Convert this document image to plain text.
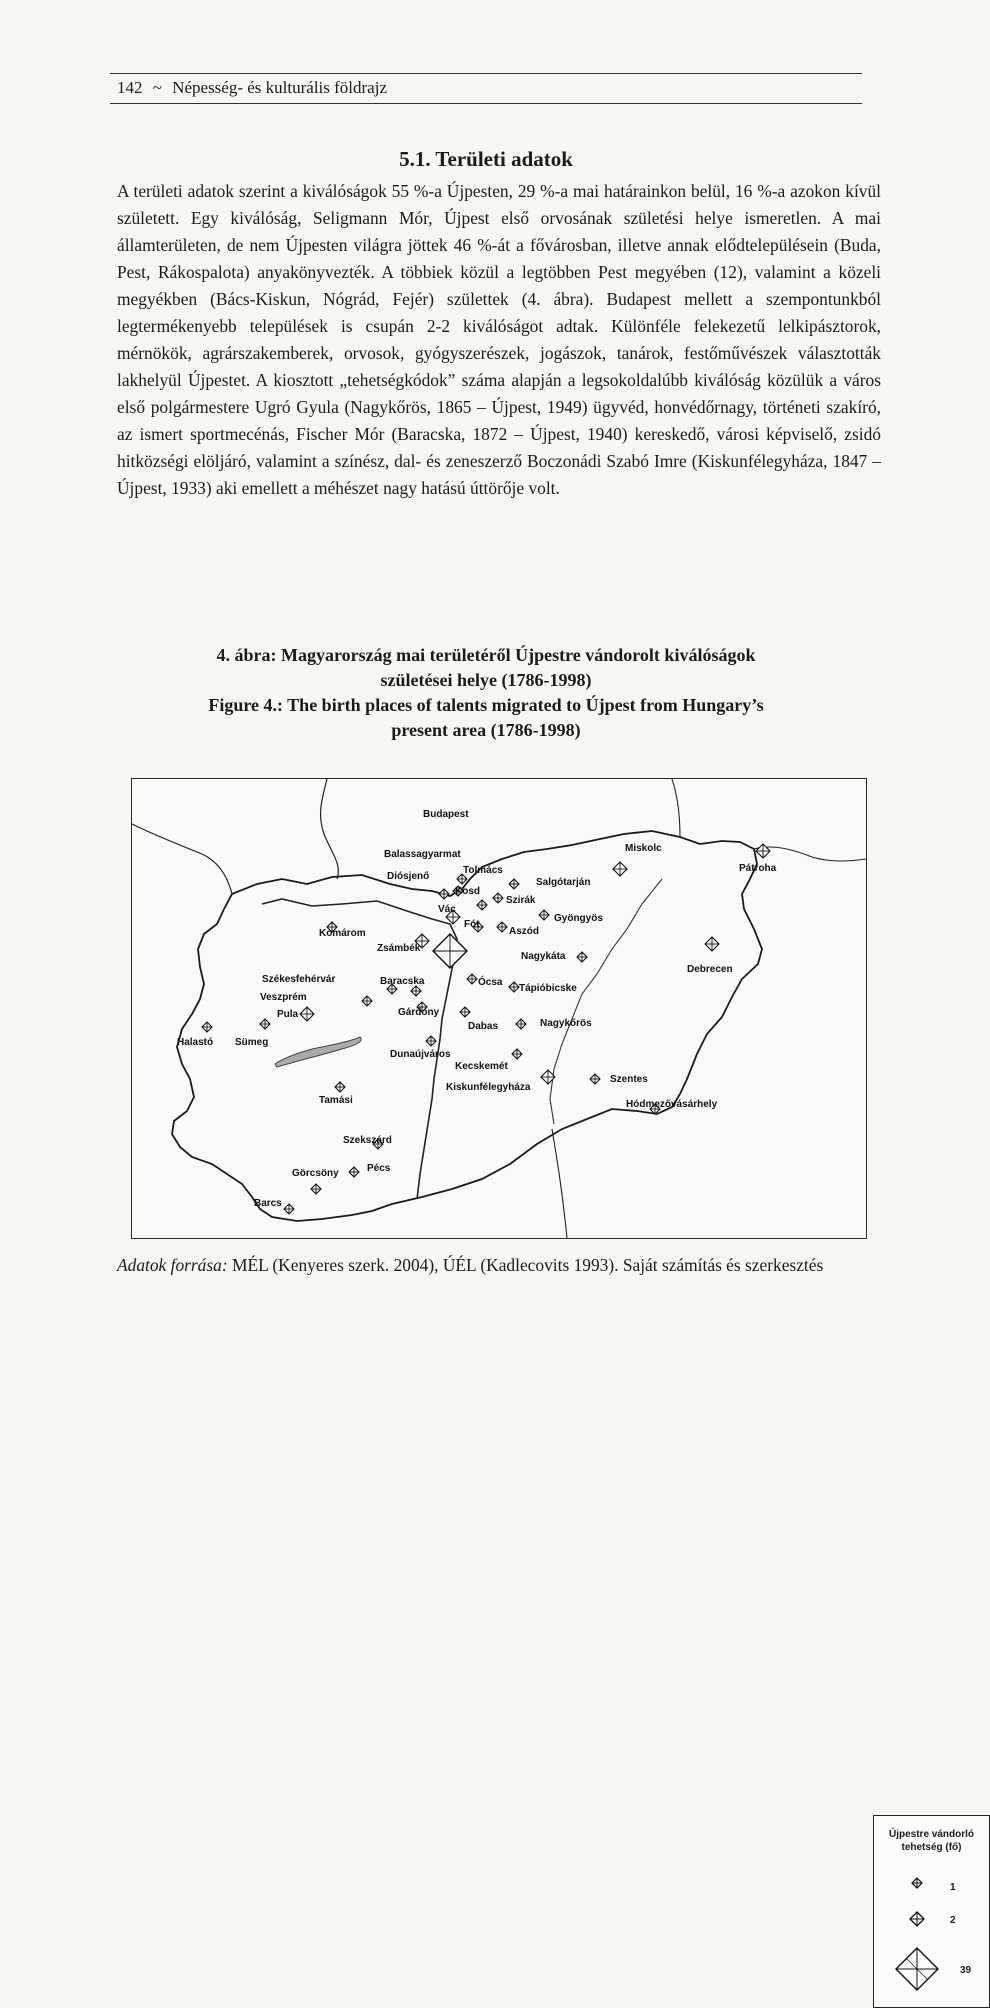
142 ~ Népesség- és kulturális földrajz
5.1. Területi adatok
A területi adatok szerint a kiválóságok 55 %-a Újpesten, 29 %-a mai határainkon belül, 16 %-a azokon kívül született. Egy kiválóság, Seligmann Mór, Újpest első orvosának születési helye ismeretlen. A mai államterületen, de nem Újpesten világra jöttek 46 %-át a fővárosban, illetve annak elődtelepülésein (Buda, Pest, Rákospalota) anyakönyvezték. A többiek közül a legtöbben Pest megyében (12), valamint a közeli megyékben (Bács-Kiskun, Nógrád, Fejér) születtek (4. ábra). Budapest mellett a szempontunkból legtermékenyebb települések is csupán 2-2 kiválóságot adtak. Különféle felekezetű lelkipásztorok, mérnökök, agrárszakemberek, orvosok, gyógyszerészek, jogászok, tanárok, festőművészek választották lakhelyül Újpestet. A kiosztott „tehetségkódok” száma alapján a legsokoldalúbb kiválóság közülük a város első polgármestere Ugró Gyula (Nagykőrös, 1865 – Újpest, 1949) ügyvéd, honvédőrnagy, történeti szakíró, az ismert sportmecénás, Fischer Mór (Baracska, 1872 – Újpest, 1940) kereskedő, városi képviselő, zsidó hitközségi elöljáró, valamint a színész, dal- és zeneszerző Boczonádi Szabó Imre (Kiskunfélegyháza, 1847 – Újpest, 1933) aki emellett a méhészet nagy hatású úttörője volt.
4. ábra: Magyarország mai területéről Újpestre vándorolt kiválóságok
születései helye (1786-1998)
Figure 4.: The birth places of talents migrated to Újpest from Hungary’s
present area (1786-1998)
Budapest
Balassagyarmat
Diósjenő
Tolmács
Salgótarján
Szirák
Kosd
Miskolc
Pátroha
Vác
Komárom
Zsámbék
Fót
Aszód
Gyöngyös
Nagykáta
Debrecen
Baracska
Székesfehérvár	Ócsa
Tápióbicske
Veszprém
Pula	Gárdony
Dabas	Nagykőrös
Halastó Sümeg
Dunaújváros
Kecskemét
Szentes
Kiskunfélegyháza
Tamási	Hódmezővásárhely
Szekszárd
Görcsöny	Pécs
Barcs
Újpestre vándorló
tehetség (fő)
1
2
39
Adatok forrása: MÉL (Kenyeres szerk. 2004), ÚÉL (Kadlecovits 1993). Saját számítás és szerkesztés
